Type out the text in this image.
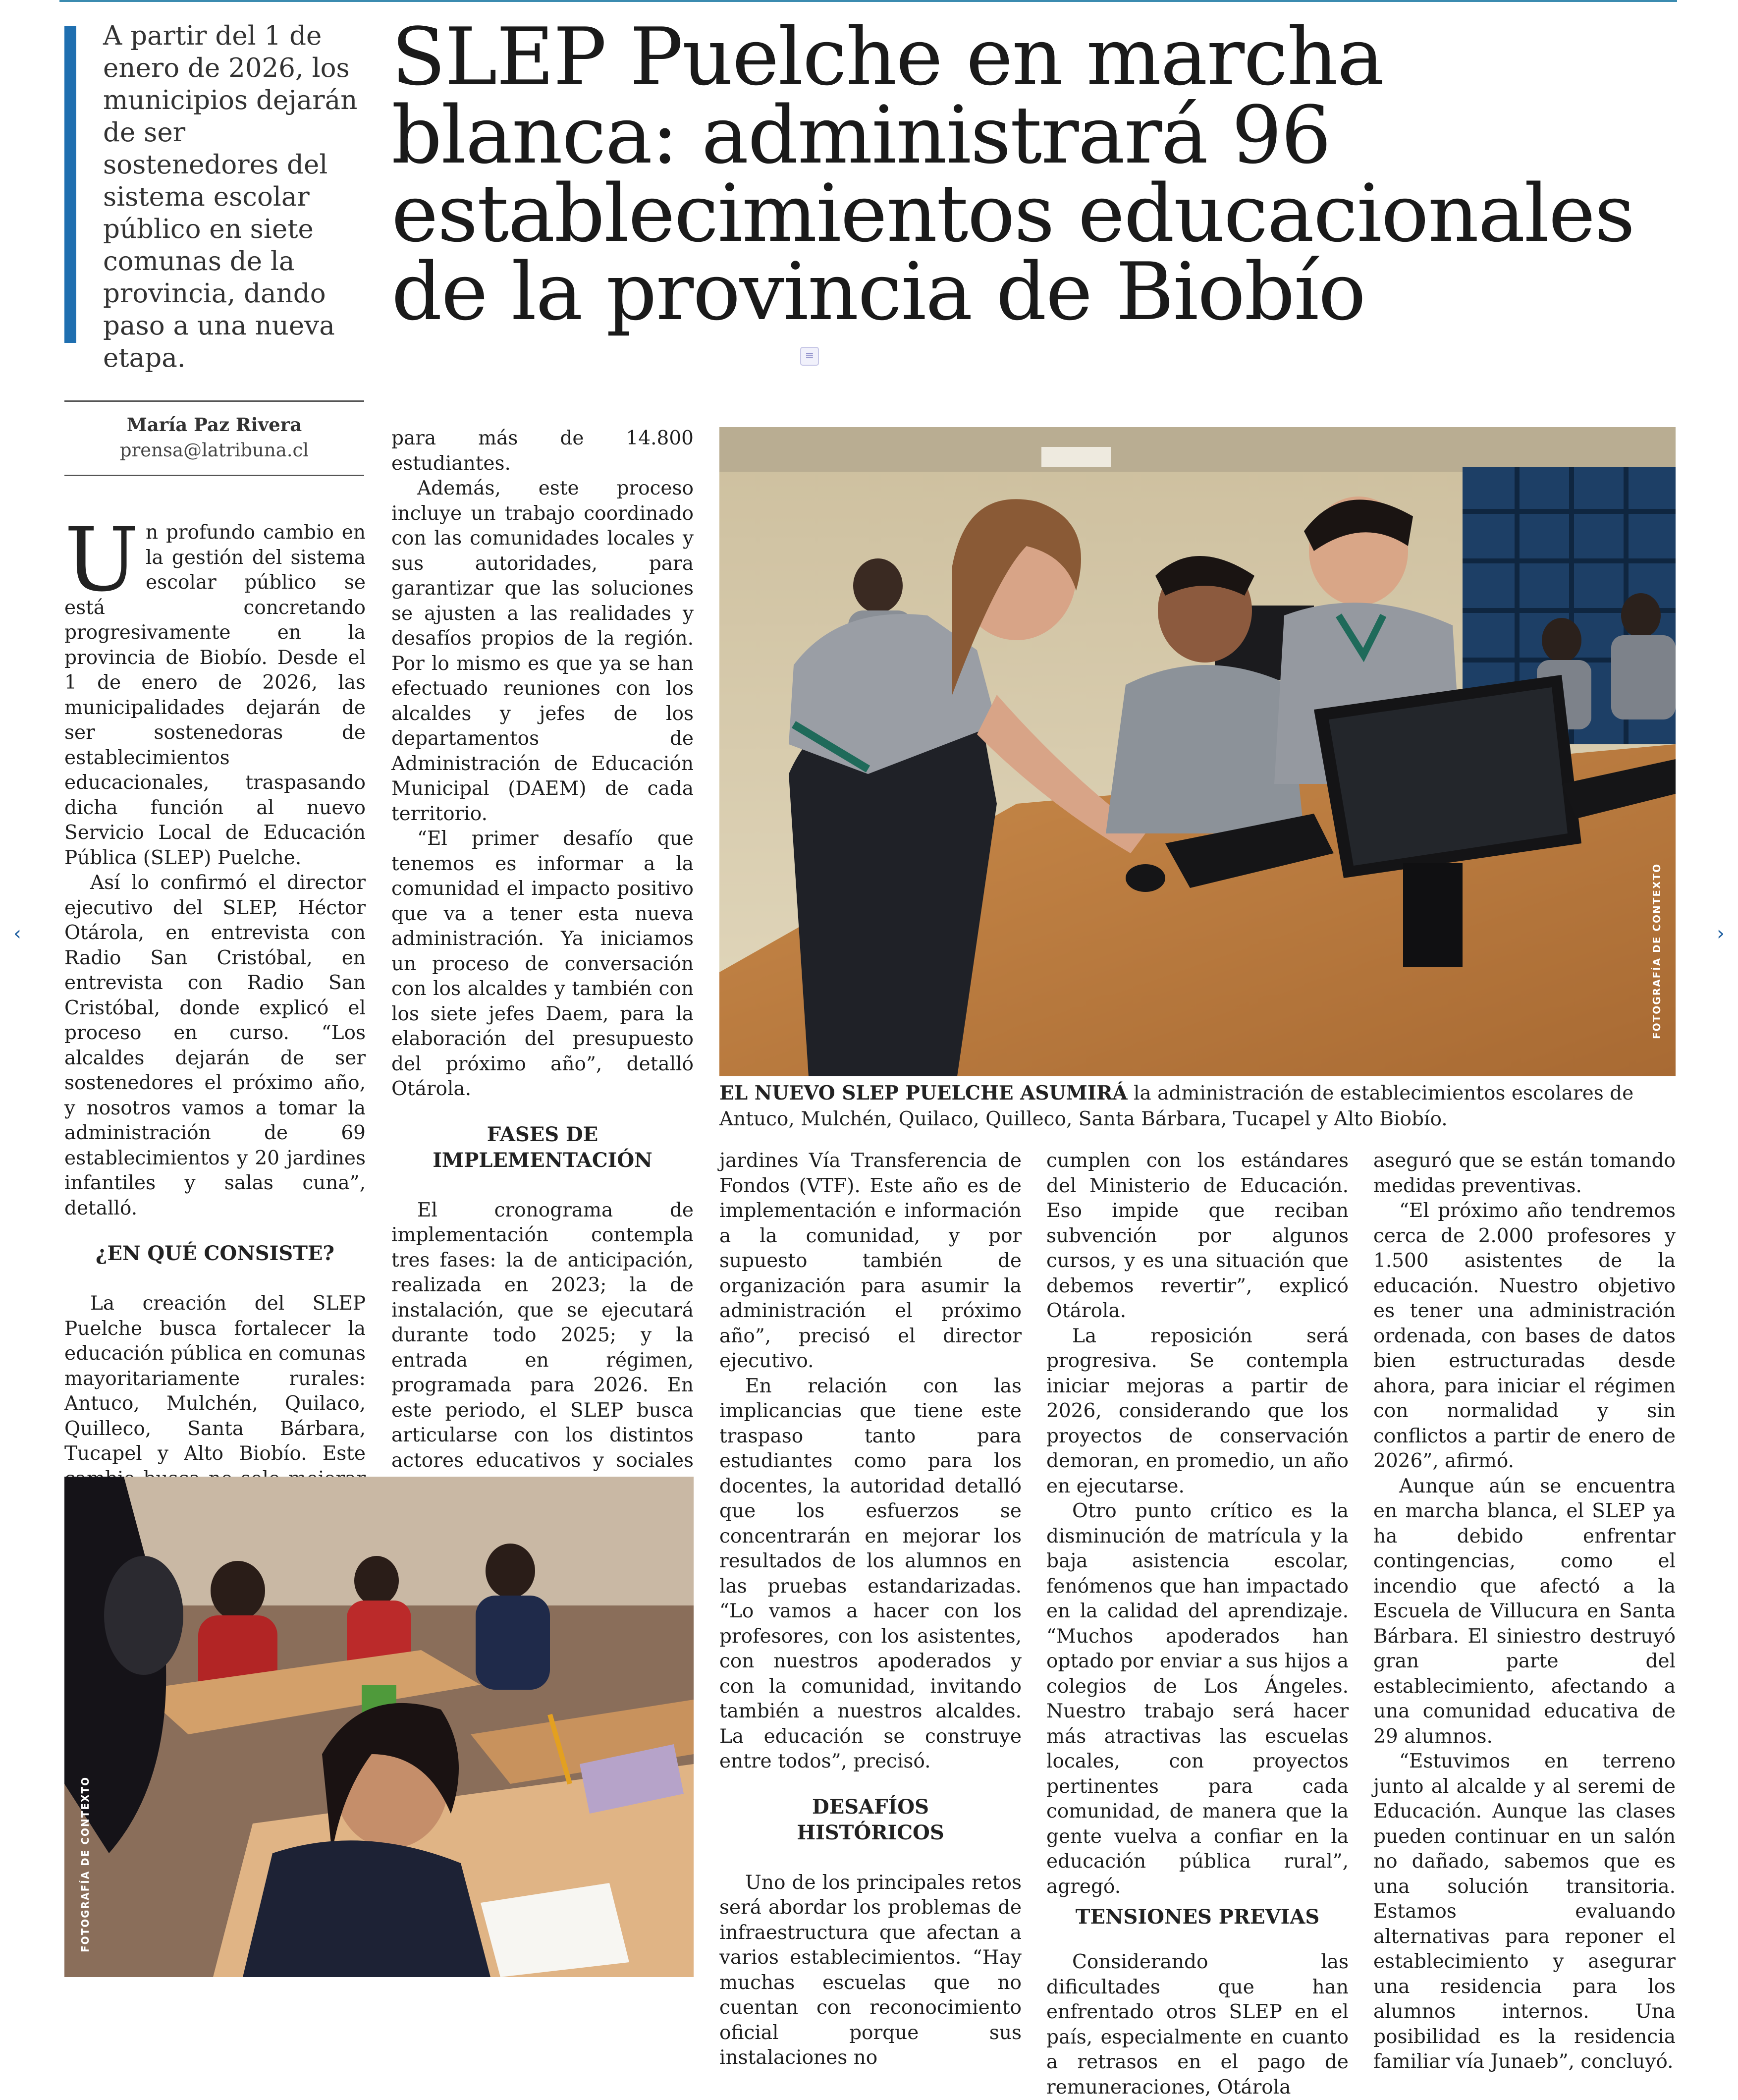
A partir del 1 de enero de 2026, los municipios dejarán de ser sostenedores del sistema escolar público en siete comunas de la provincia, dando paso a una nueva etapa.
SLEP Puelche en marcha blanca: administrará 96 establecimientos educacionales de la provincia de Biobío
≡
María Paz Rivera
prensa@latribuna.cl

Un profundo cambio en la gestión del sistema escolar público se está concretando progresivamente en la provincia de Biobío. Desde el 1 de enero de 2026, las municipalidades dejarán de ser sostenedoras de establecimientos educacionales, traspasando dicha función al nuevo Servicio Local de Educación Pública (SLEP) Puelche.

Así lo confirmó el director ejecutivo del SLEP, Héctor Otárola, en entrevista con Radio San Cristóbal, en entrevista con Radio San Cristóbal, donde explicó el proceso en curso. “Los alcaldes dejarán de ser sostenedores el próximo año, y nosotros vamos a tomar la administración de 69 establecimientos y 20 jardines infantiles y salas cuna”, detalló.

¿EN QUÉ CONSISTE?

La creación del SLEP Puelche busca fortalecer la educación pública en comunas mayoritariamente rurales: Antuco, Mulchén, Quilaco, Quilleco, Santa Bárbara, Tucapel y Alto Biobío. Este

para más de 14.800 estudiantes.

Además, este proceso incluye un trabajo coordinado con las comunidades locales y sus autoridades, para garantizar que las soluciones se ajusten a las realidades y desafíos propios de la región. Por lo mismo es que ya se han efectuado reuniones con los alcaldes y jefes de los departamentos de Administración de Educación Municipal (DAEM) de cada territorio.

“El primer desafío que tenemos es informar a la comunidad el impacto positivo que va a tener esta nueva administración. Ya iniciamos un proceso de conversación con los alcaldes y también con los siete jefes Daem, para la elaboración del presupuesto del próximo año”, detalló Otárola.

FASES DE
IMPLEMENTACIÓN

El cronograma de implementación contempla tres fases: la de anticipación, realizada en 2023; la de instalación, que se ejecutará durante todo 2025; y la entrada en régimen, programada para 2026. En este periodo, el SLEP busca articularse con los distintos actores educativos y sociales

FOTOGRAFÍA DE CONTEXTO
EL NUEVO SLEP PUELCHE ASUMIRÁ la administración de establecimientos escolares de Antuco, Mulchén, Quilaco, Quilleco, Santa Bárbara, Tucapel y Alto Biobío.
FOTOGRAFÍA DE CONTEXTO

jardines Vía Transferencia de Fondos (VTF). Este año es de implementación e información a la comunidad, y por supuesto también de organización para asumir la administración el próximo año”, precisó el director ejecutivo.

En relación con las implicancias que tiene este traspaso tanto para estudiantes como para los docentes, la autoridad detalló que los esfuerzos se concentrarán en mejorar los resultados de los alumnos en las pruebas estandarizadas. “Lo vamos a hacer con los profesores, con los asistentes, con nuestros apoderados y con la comunidad, invitando también a nuestros alcaldes. La educación se construye entre todos”, precisó.

DESAFÍOS
HISTÓRICOS

Uno de los principales retos será abordar los problemas de infraestructura que afectan a varios establecimientos. “Hay muchas escuelas que no cuentan con reconocimiento oficial porque sus instalaciones no

cumplen con los estándares del Ministerio de Educación. Eso impide que reciban subvención por algunos cursos, y es una situación que debemos revertir”, explicó Otárola.

La reposición será progresiva. Se contempla iniciar mejoras a partir de 2026, considerando que los proyectos de conservación demoran, en promedio, un año en ejecutarse.

Otro punto crítico es la disminución de matrícula y la baja asistencia escolar, fenómenos que han impactado en la calidad del aprendizaje. “Muchos apoderados han optado por enviar a sus hijos a colegios de Los Ángeles. Nuestro trabajo será hacer más atractivas las escuelas locales, con proyectos pertinentes para cada comunidad, de manera que la gente vuelva a confiar en la educación pública rural”, agregó.

TENSIONES PREVIAS

Considerando las dificultades que han enfrentado otros SLEP en el país, especialmente en cuanto a retrasos en el pago de remuneraciones, Otárola

aseguró que se están tomando medidas preventivas.

“El próximo año tendremos cerca de 2.000 profesores y 1.500 asistentes de la educación. Nuestro objetivo es tener una administración ordenada, con bases de datos bien estructuradas desde ahora, para iniciar el régimen con normalidad y sin conflictos a partir de enero de 2026”, afirmó.

Aunque aún se encuentra en marcha blanca, el SLEP ya ha debido enfrentar contingencias, como el incendio que afectó a la Escuela de Villucura en Santa Bárbara. El siniestro destruyó gran parte del establecimiento, afectando a una comunidad educativa de 29 alumnos.

“Estuvimos en terreno junto al alcalde y al seremi de Educación. Aunque las clases pueden continuar en un salón no dañado, sabemos que es una solución transitoria. Estamos evaluando alternativas para reponer el establecimiento y asegurar una residencia para los alumnos internos. Una posibilidad es la residencia familiar vía Junaeb”, concluyó.

‹	›
